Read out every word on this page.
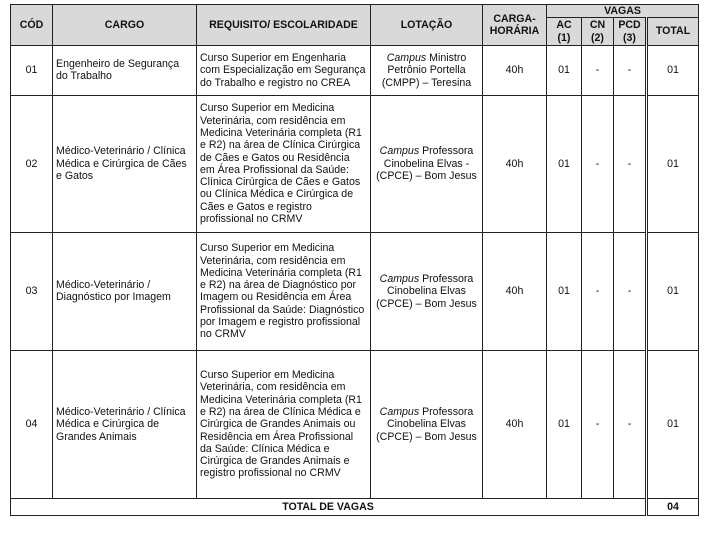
CÓD	CARGO	REQUISITO/ ESCOLARIDADE	LOTAÇÃO	CARGA-HORÁRIA	VAGAS			
					AC (1)	CN (2)	PCD (3)	TOTAL
01	Engenheiro de Segurança do Trabalho	Curso Superior em Engenharia com Especialização em Segurança do Trabalho e registro no CREA	Campus Ministro Petrônio Portella (CMPP) – Teresina	40h	01	-	-	01
02	Médico-Veterinário / Clínica Médica e Cirúrgica de Cães e Gatos	Curso Superior em Medicina Veterinária, com residência em Medicina Veterinária completa (R1 e R2) na área de Clínica Cirúrgica de Cães e Gatos ou Residência em Área Profissional da Saúde: Clínica Cirúrgica de Cães e Gatos ou Clínica Médica e Cirúrgica de Cães e Gatos e registro profissional no CRMV	Campus Professora Cinobelina Elvas - (CPCE) – Bom Jesus	40h	01	-	-	01
03	Médico-Veterinário / Diagnóstico por Imagem	Curso Superior em Medicina Veterinária, com residência em Medicina Veterinária completa (R1 e R2) na área de Diagnóstico por Imagem ou Residência em Área Profissional da Saúde: Diagnóstico por Imagem e registro profissional no CRMV	Campus Professora Cinobelina Elvas (CPCE) – Bom Jesus	40h	01	-	-	01
04	Médico-Veterinário / Clínica Médica e Cirúrgica de Grandes Animais	Curso Superior em Medicina Veterinária, com residência em Medicina Veterinária completa (R1 e R2) na área de Clínica Médica e Cirúrgica de Grandes Animais ou Residência em Área Profissional da Saúde: Clínica Médica e Cirúrgica de Grandes Animais e registro profissional no CRMV	Campus Professora Cinobelina Elvas (CPCE) – Bom Jesus	40h	01	-	-	01
TOTAL DE VAGAS								04
